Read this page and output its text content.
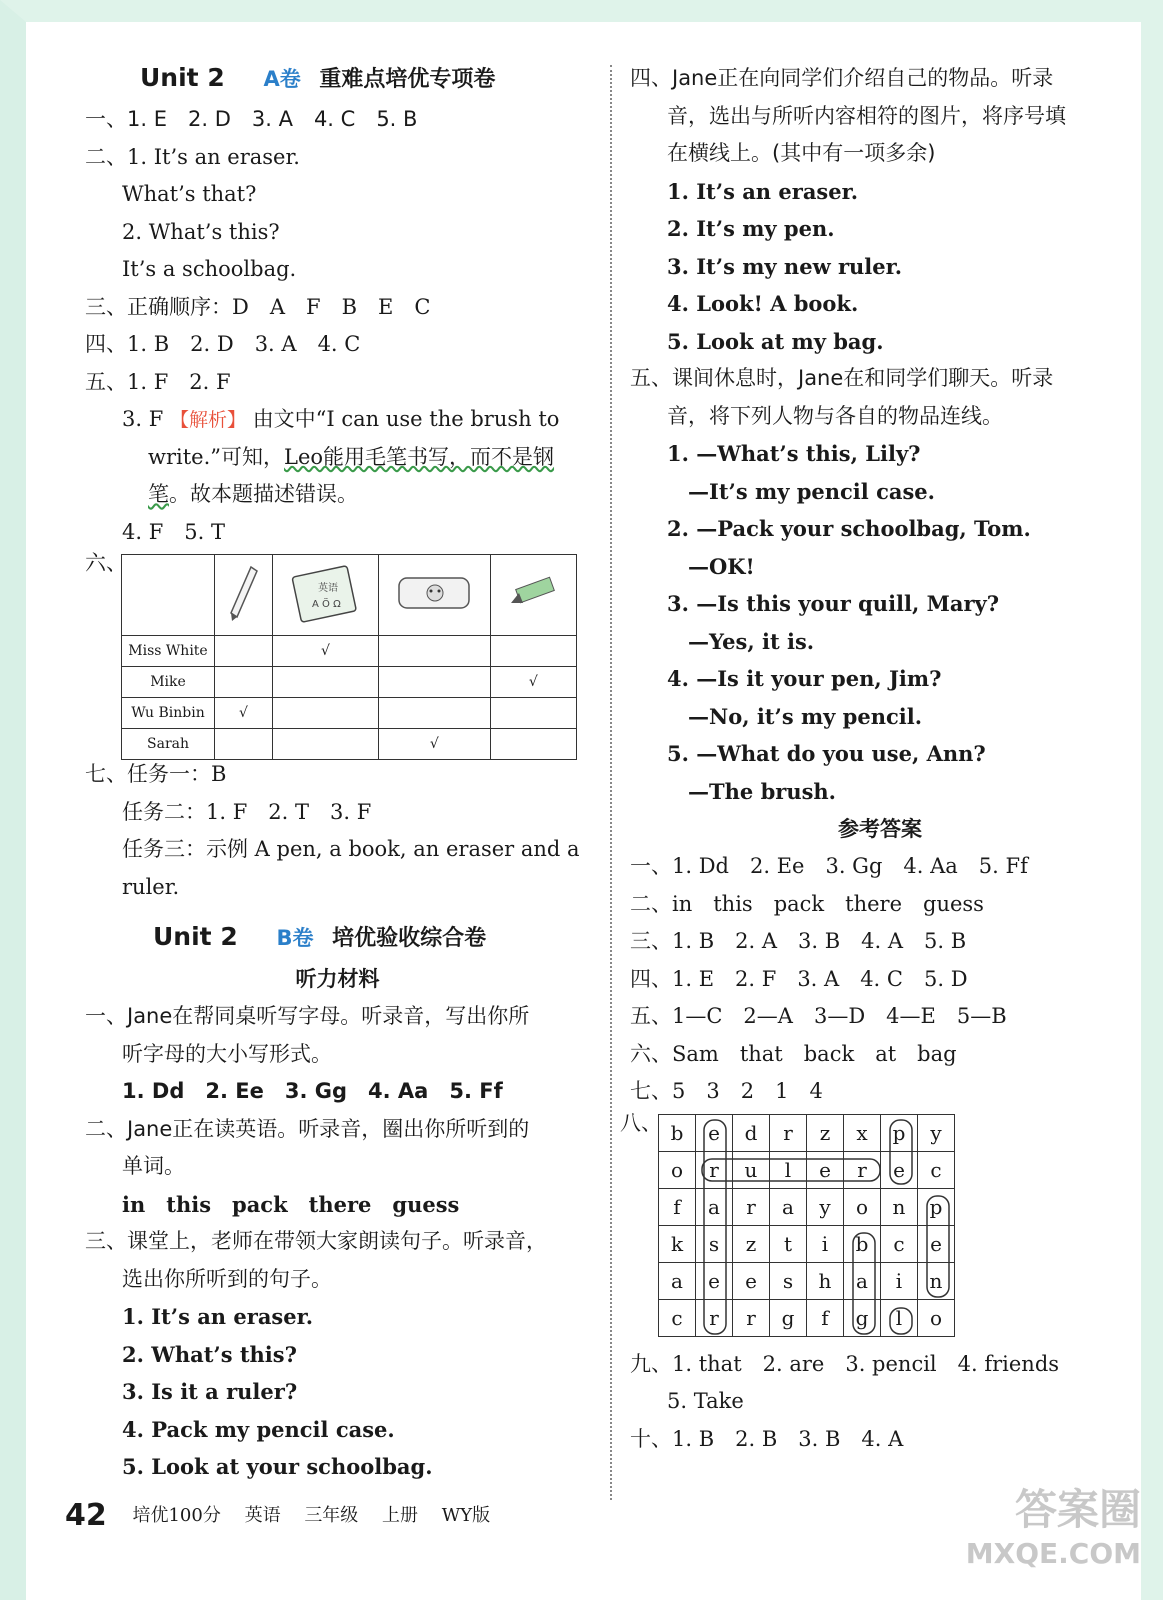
Unit 2 A卷 重难点培优专项卷
一、1. E　2. D　3. A　4. C　5. B
二、1. It’s an eraser.
What’s that?
2. What’s this?
It’s a schoolbag.
三、正确顺序：D　A　F　B　E　C
四、1. B　2. D　3. A　4. C
五、1. F　2. F
3. F 【解析】 由文中“I can use the brush to
write.”可知，Leo能用毛笔书写，而不是钢
笔。故本题描述错误。
4. F　5. T
六、

英语
A Ö Ω

Miss White		√		
Mike				√
Wu Binbin	√			
Sarah			√	
七、任务一：B
任务二：1. F　2. T　3. F
任务三：示例 A pen, a book, an eraser and a
ruler.
Unit 2 B卷 培优验收综合卷
听力材料
一、Jane在帮同桌听写字母。听录音，写出你所
听字母的大小写形式。
1. Dd　2. Ee　3. Gg　4. Aa　5. Ff
二、Jane正在读英语。听录音，圈出你所听到的
单词。
in　this　pack　there　guess
三、课堂上，老师在带领大家朗读句子。听录音，
选出你所听到的句子。
1. It’s an eraser.
2. What’s this?
3. Is it a ruler?
4. Pack my pencil case.
5. Look at your schoolbag.
四、Jane正在向同学们介绍自己的物品。听录
音，选出与所听内容相符的图片，将序号填
在横线上。(其中有一项多余)
1. It’s an eraser.
2. It’s my pen.
3. It’s my new ruler.
4. Look! A book.
5. Look at my bag.
五、课间休息时，Jane在和同学们聊天。听录
音，将下列人物与各自的物品连线。
1. —What’s this, Lily?
—It’s my pencil case.
2. —Pack your schoolbag, Tom.
—OK!
3. —Is this your quill, Mary?
—Yes, it is.
4. —Is it your pen, Jim?
—No, it’s my pencil.
5. —What do you use, Ann?
—The brush.
参考答案
一、1. Dd　2. Ee　3. Gg　4. Aa　5. Ff
二、in　this　pack　there　guess
三、1. B　2. A　3. B　4. A　5. B
四、1. E　2. F　3. A　4. C　5. D
五、1—C　2—A　3—D　4—E　5—B
六、Sam　that　back　at　bag
七、5　3　2　1　4
八、 b	e	d	r	z	x	p	y
o	r	u	l	e	r	e	c
f	a	r	a	y	o	n	p
k	s	z	t	i	b	c	e
a	e	e	s	h	a	i	n
c	r	r	g	f	g	l	o
九、1. that　2. are　3. pencil　4. friends
5. Take
十、1. B　2. B　3. B　4. A
42 培优100分 英语 三年级 上册 WY版	答案圈
MXQE.COM
